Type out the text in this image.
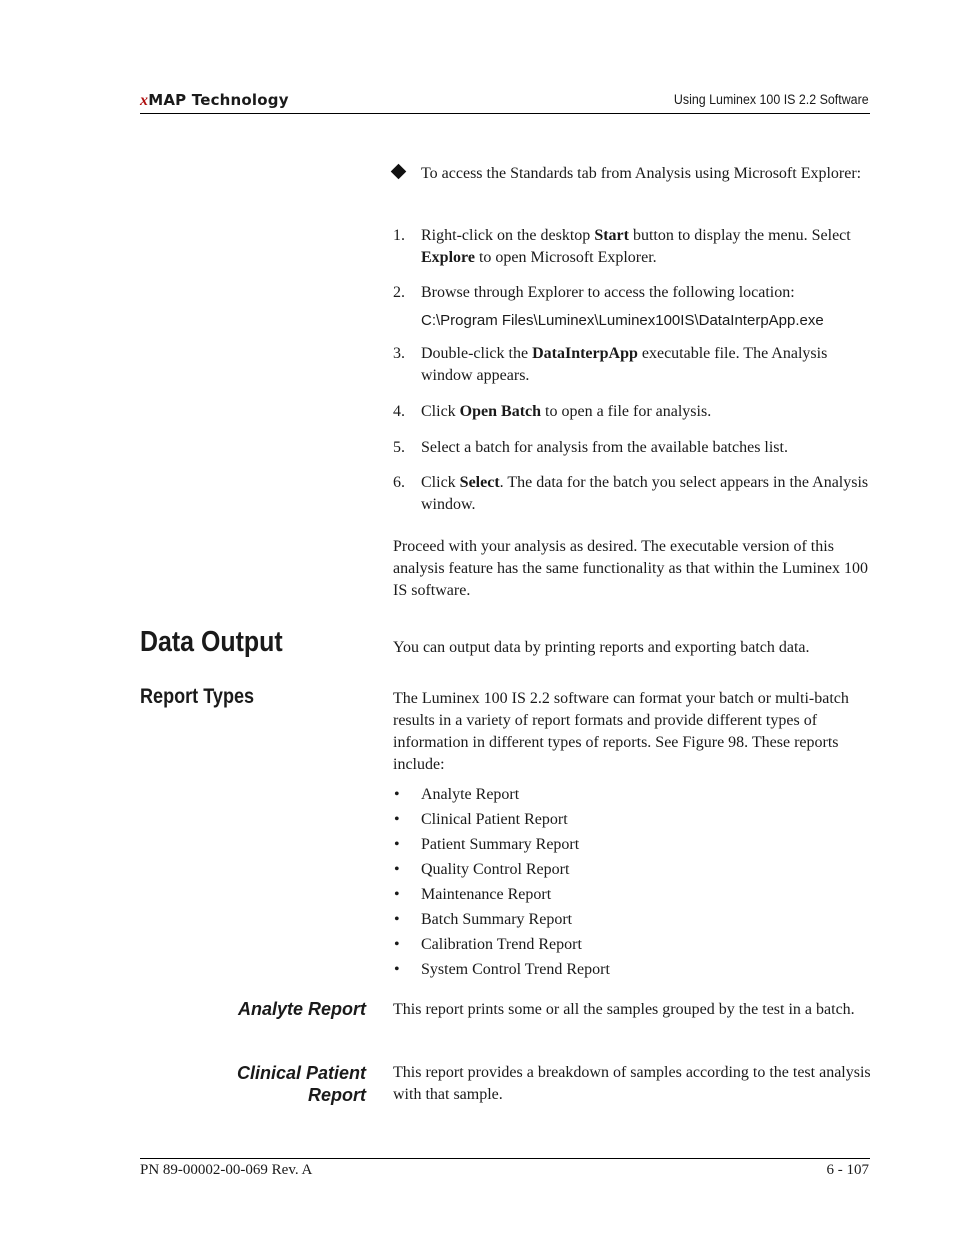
xMAP Technology	Using Luminex 100 IS 2.2 Software
To access the Standards tab from Analysis using Microsoft Explorer:
1. Right-click on the desktop Start button to display the menu. Select Explore to open Microsoft Explorer.
2. Browse through Explorer to access the following location:
C:\Program Files\Luminex\Luminex100IS\DataInterpApp.exe
3. Double-click the DataInterpApp executable file. The Analysis window appears.
4. Click Open Batch to open a file for analysis.
5. Select a batch for analysis from the available batches list.
6. Click Select. The data for the batch you select appears in the Analysis window.
Proceed with your analysis as desired. The executable version of this analysis feature has the same functionality as that within the Luminex 100 IS software.
Data Output	You can output data by printing reports and exporting batch data.
Report Types	The Luminex 100 IS 2.2 software can format your batch or multi-batch results in a variety of report formats and provide different types of information in different types of reports. See Figure 98. These reports include:
• Analyte Report
• Clinical Patient Report
• Patient Summary Report
• Quality Control Report
• Maintenance Report
• Batch Summary Report
• Calibration Trend Report
• System Control Trend Report
Analyte Report This report prints some or all the samples grouped by the test in a batch.
Clinical Patient
Report
This report provides a breakdown of samples according to the test analysis with that sample.
PN 89-00002-00-069 Rev. A	6 - 107
